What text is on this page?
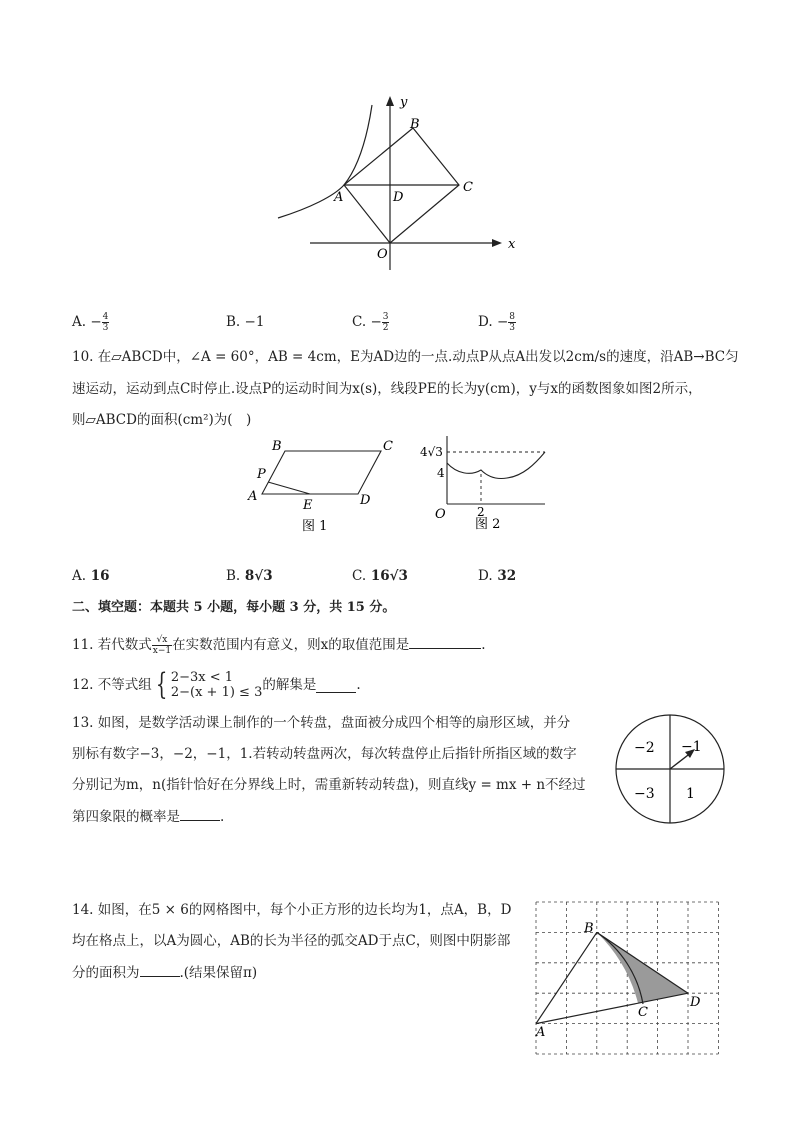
y
x
B
C
A	D
O
A. − $\frac{4}{3}$	B. −1	C. − $\frac{3}{2}$	D. − $\frac{8}{3}$
10. 在▱ABCD中，∠A = 60°，AB = 4cm，E为AD边的一点.动点P从点A出发以2cm/s的速度，沿AB→BC匀
速运动，运动到点C时停止.设点P的运动时间为x(s)，线段PE的长为y(cm)，y与x的函数图象如图2所示，
则▱ABCD的面积(cm²)为(　)
B	C
P
A
E	D
图 1
4√3
4
O	2
图 2
A. 16	B. 8√3	C. 16√3	D. 32
二、填空题：本题共 5 小题，每小题 3 分，共 15 分。
11. 若代数式 $\frac{√x}{x-1}$ 在实数范围内有意义，则x的取值范围是	.
12. 不等式组 { 2−3x < 1
2−(x + 1) ≤ 3 的解集是	.
13. 如图，是数学活动课上制作的一个转盘，盘面被分成四个相等的扇形区域，并分
别标有数字−3，−2，−1，1.若转动转盘两次，每次转盘停止后指针所指区域的数字
分别记为m，n(指针恰好在分界线上时，需重新转动转盘)，则直线y = mx + n不经过
第四象限的概率是	.
−2 −1
−3 1
14. 如图，在5 × 6的网格图中，每个小正方形的边长均为1，点A，B，D
均在格点上，以A为圆心，AB的长为半径的弧交AD于点C，则图中阴影部
分的面积为	.(结果保留π)
B
A
C
D
